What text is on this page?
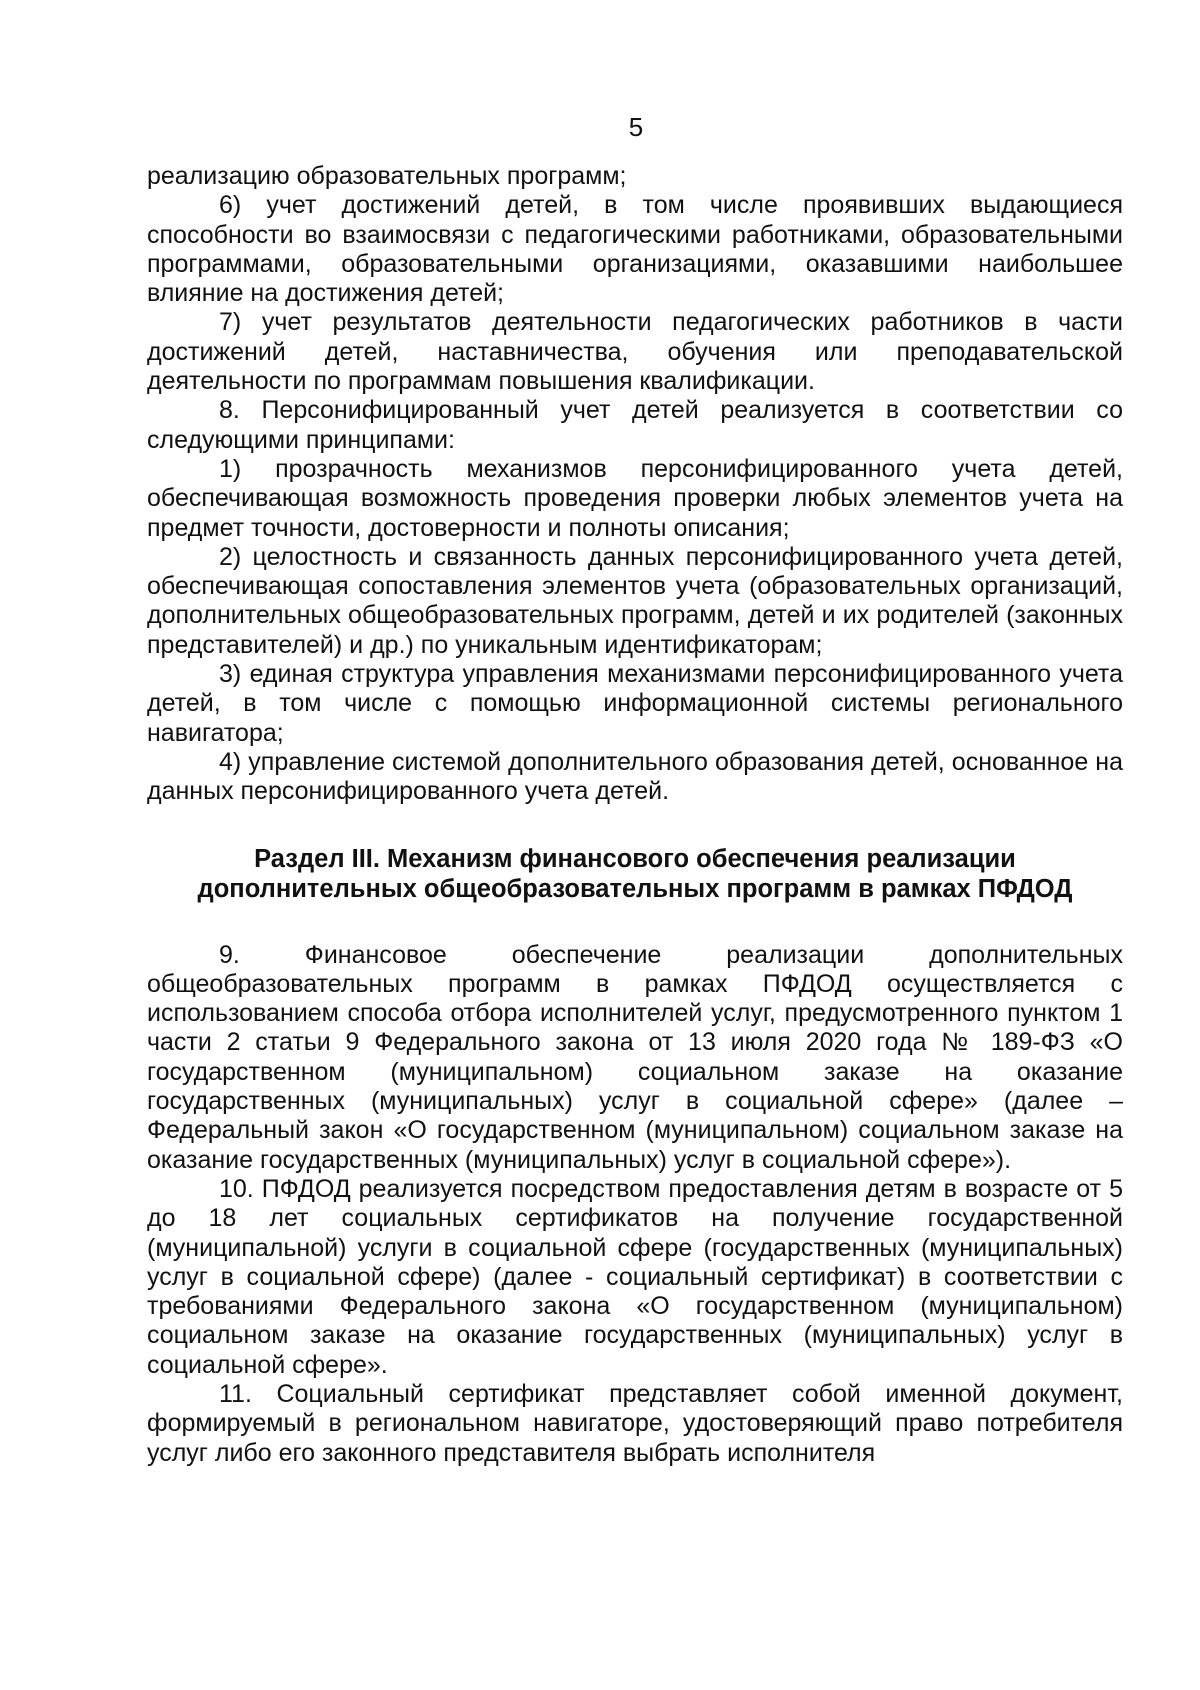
5

реализацию образовательных программ;

6) учет достижений детей, в том числе проявивших выдающиеся способности во взаимосвязи с педагогическими работниками, образовательными программами, образовательными организациями, оказавшими наибольшее влияние на достижения детей;

7) учет результатов деятельности педагогических работников в части достижений детей, наставничества, обучения или преподавательской деятельности по программам повышения квалификации.

8. Персонифицированный учет детей реализуется в соответствии со следующими принципами:

1) прозрачность механизмов персонифицированного учета детей, обеспечивающая возможность проведения проверки любых элементов учета на предмет точности, достоверности и полноты описания;

2) целостность и связанность данных персонифицированного учета детей, обеспечивающая сопоставления элементов учета (образовательных организаций, дополнительных общеобразовательных программ, детей и их родителей (законных представителей) и др.) по уникальным идентификаторам;

3) единая структура управления механизмами персонифицированного учета детей, в том числе с помощью информационной системы регионального навигатора;

4) управление системой дополнительного образования детей, основанное на данных персонифицированного учета детей.

Раздел III. Механизм финансового обеспечения реализации
дополнительных общеобразовательных программ в рамках ПФДОД

9. Финансовое обеспечение реализации дополнительных общеобразовательных программ в рамках ПФДОД осуществляется с использованием способа отбора исполнителей услуг, предусмотренного пунктом 1 части 2 статьи 9 Федерального закона от 13 июля 2020 года № 189-ФЗ «О государственном (муниципальном) социальном заказе на оказание государственных (муниципальных) услуг в социальной сфере» (далее – Федеральный закон «О государственном (муниципальном) социальном заказе на оказание государственных (муниципальных) услуг в социальной сфере»).

10. ПФДОД реализуется посредством предоставления детям в возрасте от 5 до 18 лет социальных сертификатов на получение государственной (муниципальной) услуги в социальной сфере (государственных (муниципальных) услуг в социальной сфере) (далее - социальный сертификат) в соответствии с требованиями Федерального закона «О государственном (муниципальном) социальном заказе на оказание государственных (муниципальных) услуг в социальной сфере».

11. Социальный сертификат представляет собой именной документ, формируемый в региональном навигаторе, удостоверяющий право потребителя услуг либо его законного представителя выбрать исполнителя
